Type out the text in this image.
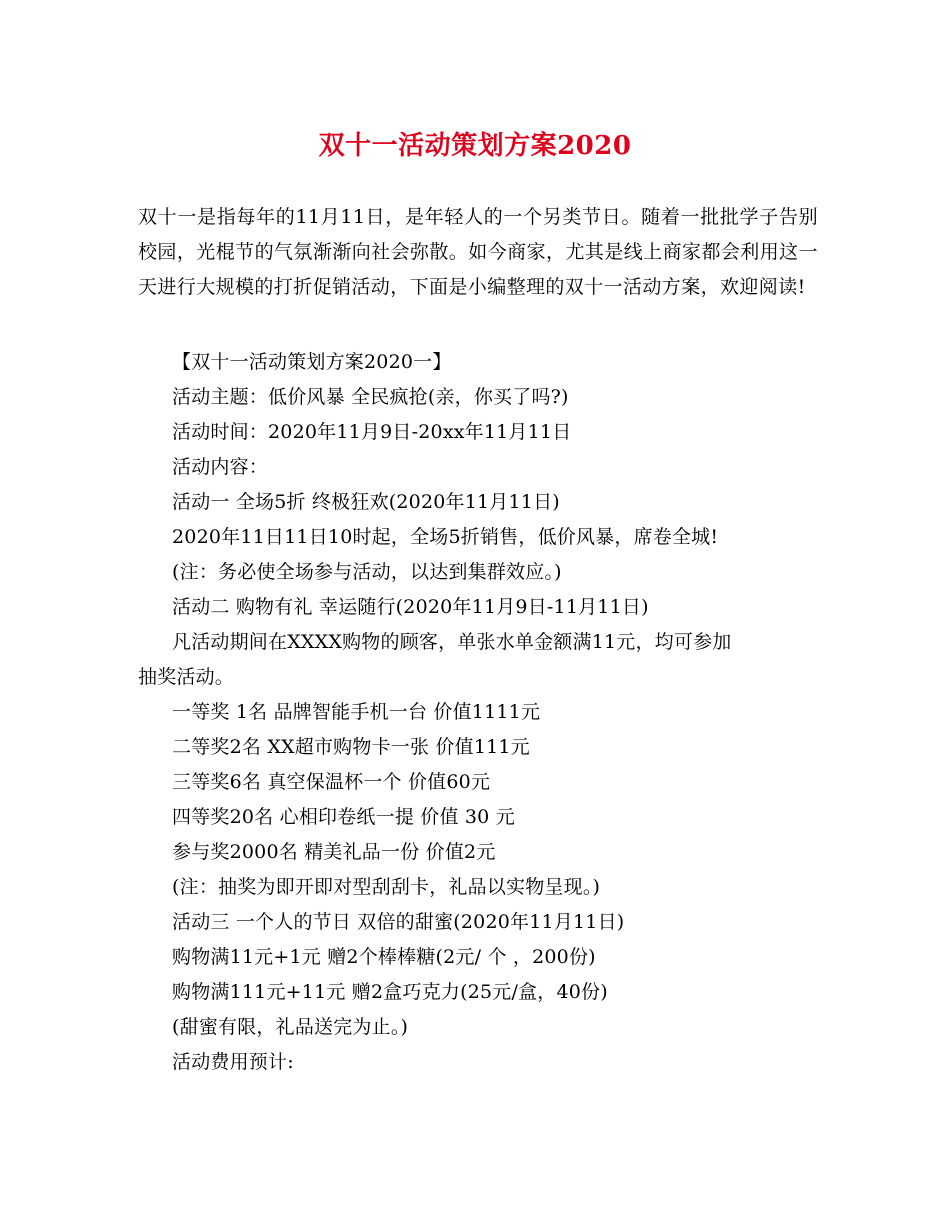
双十一活动策划方案2020
双十一是指每年的11月11日，是年轻人的一个另类节日。随着一批批学子告别校园，光棍节的气氛渐渐向社会弥散。如今商家，尤其是线上商家都会利用这一天进行大规模的打折促销活动，下面是小编整理的双十一活动方案，欢迎阅读!
【双十一活动策划方案2020一】
活动主题：低价风暴 全民疯抢(亲，你买了吗?)
活动时间：2020年11月9日-20xx年11月11日
活动内容：
活动一 全场5折 终极狂欢(2020年11月11日)
2020年11日11日10时起，全场5折销售，低价风暴，席卷全城!
(注：务必使全场参与活动，以达到集群效应。)
活动二 购物有礼 幸运随行(2020年11月9日-11月11日)
凡活动期间在XXXX购物的顾客，单张水单金额满11元，均可参加
抽奖活动。
一等奖 1名 品牌智能手机一台 价值1111元
二等奖2名 XX超市购物卡一张 价值111元
三等奖6名 真空保温杯一个 价值60元
四等奖20名 心相印卷纸一提 价值 30 元
参与奖2000名 精美礼品一份 价值2元
(注：抽奖为即开即对型刮刮卡，礼品以实物呈现。)
活动三 一个人的节日 双倍的甜蜜(2020年11月11日)
购物满11元+1元 赠2个棒棒糖(2元/ 个 ，200份)
购物满111元+11元 赠2盒巧克力(25元/盒，40份)
(甜蜜有限，礼品送完为止。)
活动费用预计:
